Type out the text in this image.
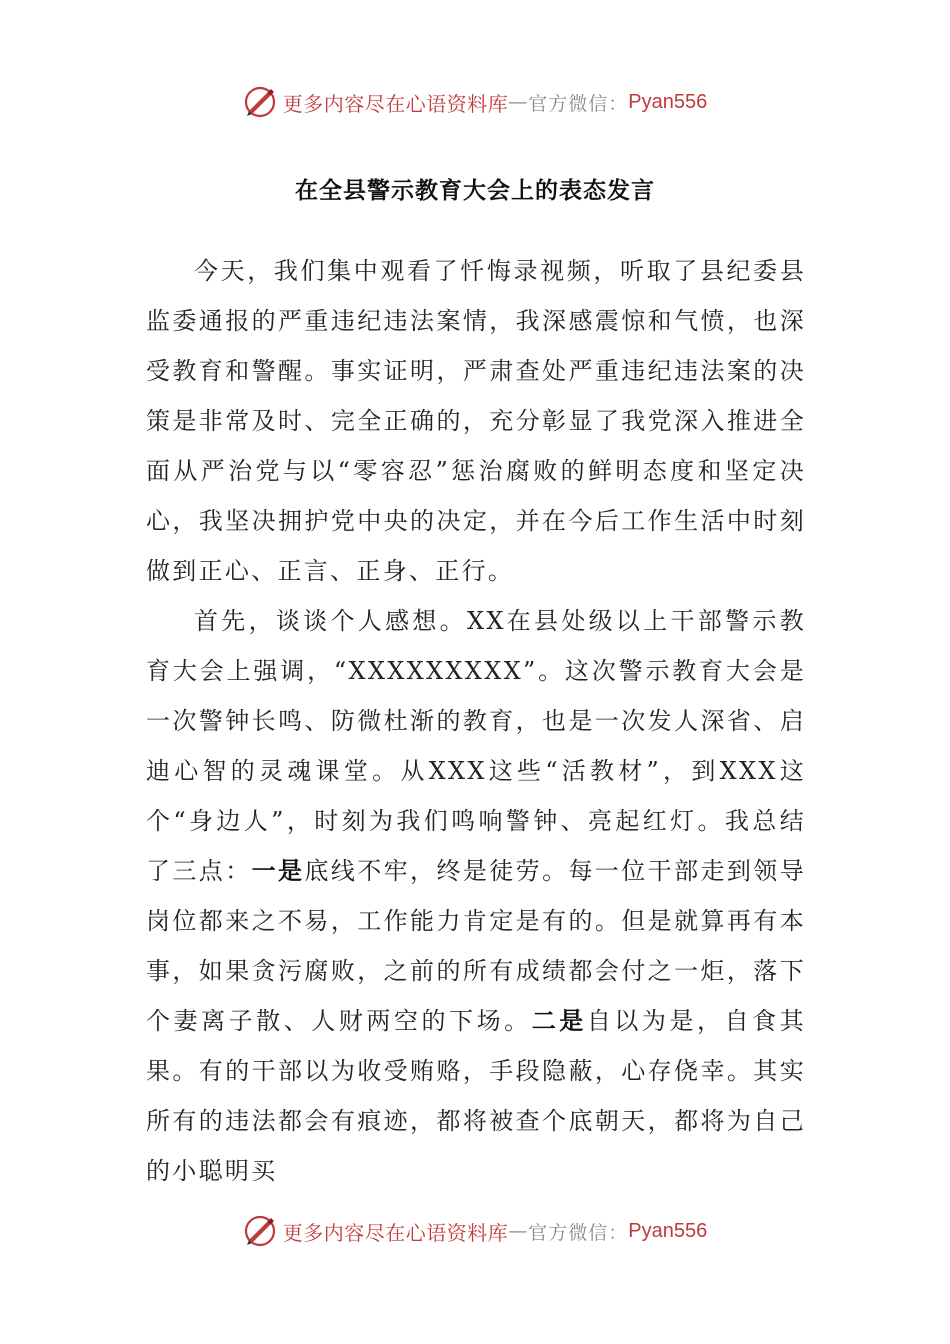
更多内容尽在心语资料库 — 官方微信： Pyan556
在全县警示教育大会上的表态发言

今天，我们集中观看了忏悔录视频，听取了县纪委县监委通报的严重违纪违法案情，我深感震惊和气愤，也深受教育和警醒。事实证明，严肃查处严重违纪违法案的决策是非常及时、完全正确的，充分彰显了我党深入推进全面从严治党与以“零容忍”惩治腐败的鲜明态度和坚定决心，我坚决拥护党中央的决定，并在今后工作生活中时刻做到正心、正言、正身、正行。

首先，谈谈个人感想。XX在县处级以上干部警示教育大会上强调，“XXXXXXXXX”。这次警示教育大会是一次警钟长鸣、防微杜渐的教育，也是一次发人深省、启迪心智的灵魂课堂。从XXX这些“活教材”，到XXX这个“身边人”，时刻为我们鸣响警钟、亮起红灯。我总结了三点：一是底线不牢，终是徒劳。每一位干部走到领导岗位都来之不易，工作能力肯定是有的。但是就算再有本事，如果贪污腐败，之前的所有成绩都会付之一炬，落下个妻离子散、人财两空的下场。二是自以为是，自食其果。有的干部以为收受贿赂，手段隐蔽，心存侥幸。其实所有的违法都会有痕迹，都将被查个底朝天，都将为自己的小聪明买

更多内容尽在心语资料库 — 官方微信： Pyan556
